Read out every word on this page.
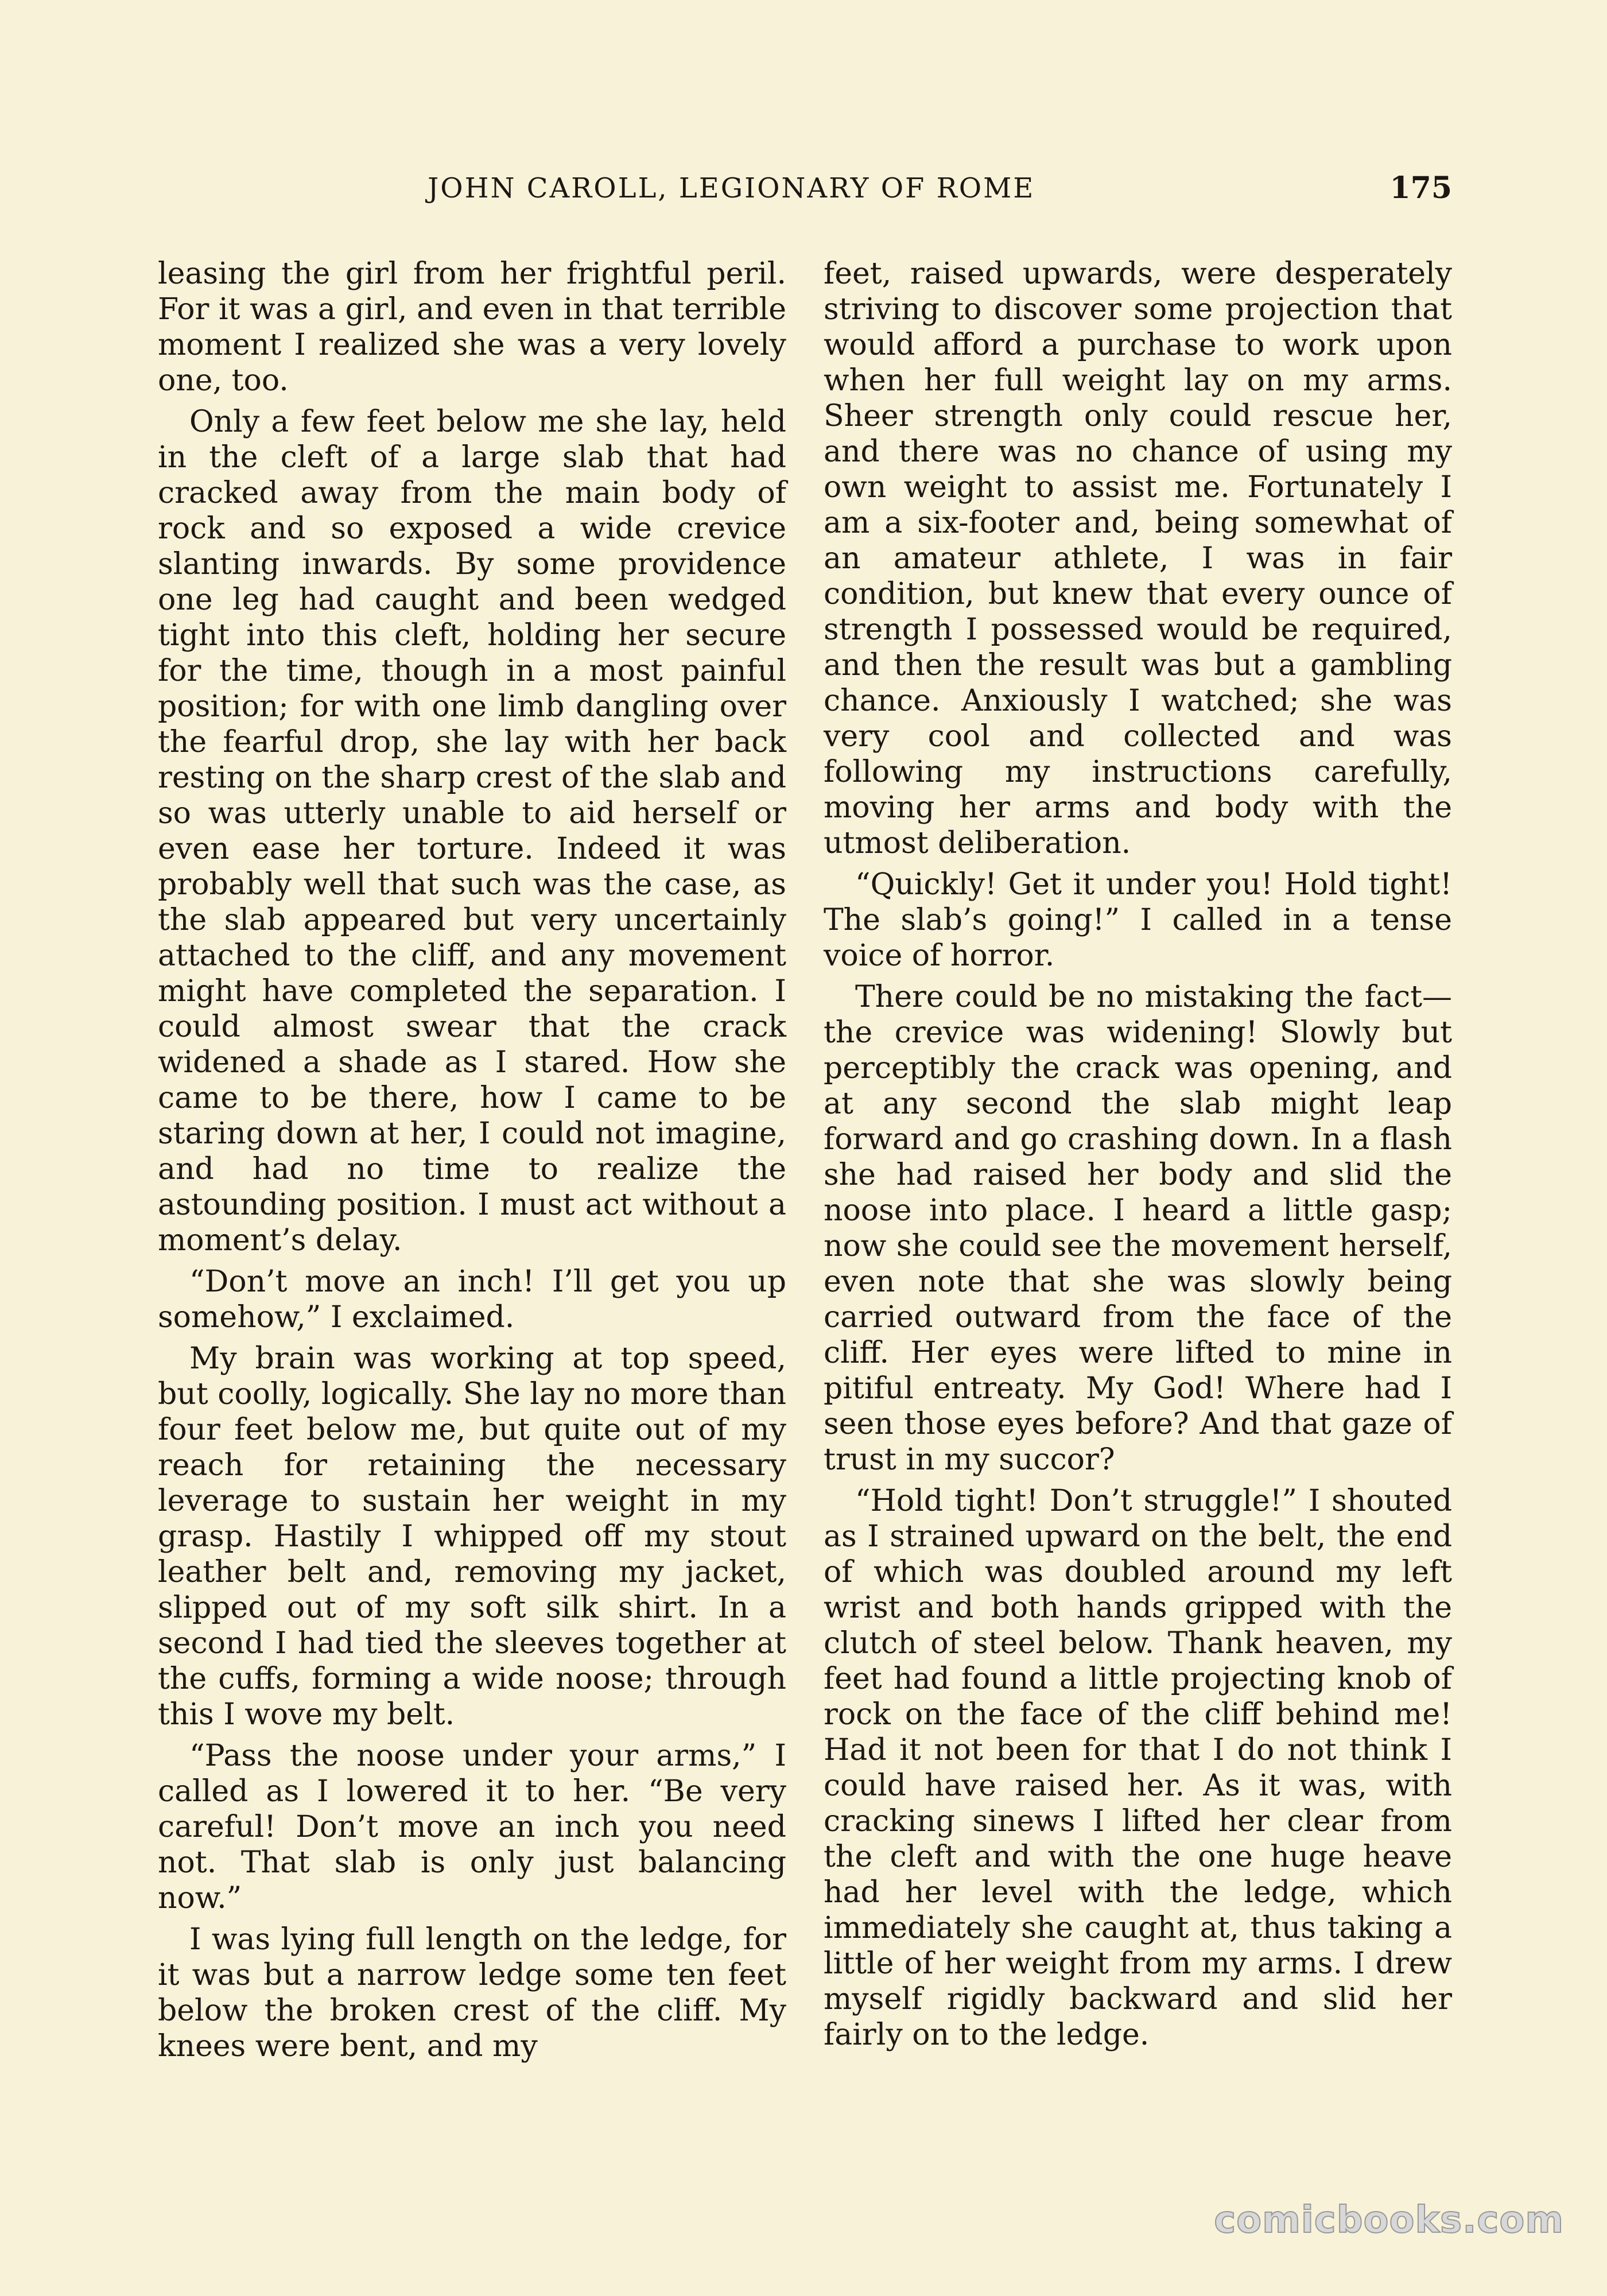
JOHN CAROLL, LEGIONARY OF ROME	175

leasing the girl from her frightful peril. For it was a girl, and even in that terrible moment I realized she was a very lovely one, too.

Only a few feet below me she lay, held in the cleft of a large slab that had cracked away from the main body of rock and so exposed a wide crevice slanting inwards. By some providence one leg had caught and been wedged tight into this cleft, holding her secure for the time, though in a most painful position; for with one limb dangling over the fearful drop, she lay with her back resting on the sharp crest of the slab and so was utterly unable to aid herself or even ease her torture. Indeed it was probably well that such was the case, as the slab appeared but very uncertainly attached to the cliff, and any movement might have completed the separation. I could almost swear that the crack widened a shade as I stared. How she came to be there, how I came to be staring down at her, I could not imagine, and had no time to realize the astounding position. I must act without a moment’s delay.

“Don’t move an inch! I’ll get you up somehow,” I exclaimed.

My brain was working at top speed, but coolly, logically. She lay no more than four feet below me, but quite out of my reach for retaining the necessary leverage to sustain her weight in my grasp. Hastily I whipped off my stout leather belt and, removing my jacket, slipped out of my soft silk shirt. In a second I had tied the sleeves together at the cuffs, forming a wide noose; through this I wove my belt.

“Pass the noose under your arms,” I called as I lowered it to her. “Be very careful! Don’t move an inch you need not. That slab is only just balancing now.”

I was lying full length on the ledge, for it was but a narrow ledge some ten feet below the broken crest of the cliff. My knees were bent, and my

feet, raised upwards, were desperately striving to discover some projection that would afford a purchase to work upon when her full weight lay on my arms. Sheer strength only could rescue her, and there was no chance of using my own weight to assist me. Fortunately I am a six-footer and, being somewhat of an amateur athlete, I was in fair condition, but knew that every ounce of strength I possessed would be required, and then the result was but a gambling chance. Anxiously I watched; she was very cool and collected and was following my instructions carefully, moving her arms and body with the utmost deliberation.

“Quickly! Get it under you! Hold tight! The slab’s going!” I called in a tense voice of horror.

There could be no mistaking the fact—the crevice was widening! Slowly but perceptibly the crack was opening, and at any second the slab might leap forward and go crashing down. In a flash she had raised her body and slid the noose into place. I heard a little gasp; now she could see the movement herself, even note that she was slowly being carried outward from the face of the cliff. Her eyes were lifted to mine in pitiful entreaty. My God! Where had I seen those eyes before? And that gaze of trust in my succor?

“Hold tight! Don’t struggle!” I shouted as I strained upward on the belt, the end of which was doubled around my left wrist and both hands gripped with the clutch of steel below. Thank heaven, my feet had found a little projecting knob of rock on the face of the cliff behind me! Had it not been for that I do not think I could have raised her. As it was, with cracking sinews I lifted her clear from the cleft and with the one huge heave had her level with the ledge, which immediately she caught at, thus taking a little of her weight from my arms. I drew myself rigidly backward and slid her fairly on to the ledge.

comicbooks.com
